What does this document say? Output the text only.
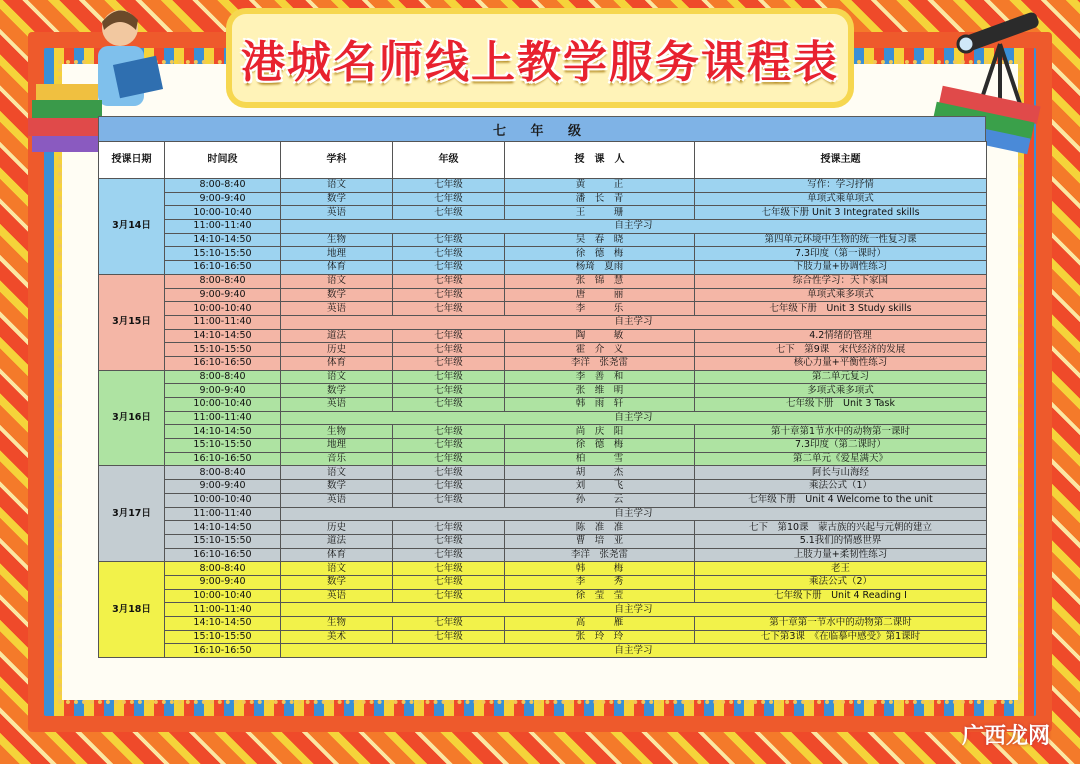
港城名师线上教学服务课程表
七 年 级
授课日期	时间段	学科	年级	授　课　人	授课主题
3月14日	8:00-8:40	语文	七年级	黄　　　正	写作：学习抒情
	9:00-9:40	数学	七年级	潘　长　青	单项式乘单项式
	10:00-10:40	英语	七年级	王　　　珊	七年级下册 Unit 3 Integrated skills
	11:00-11:40	自主学习			
	14:10-14:50	生物	七年级	吴　春　晓	第四单元环境中生物的统一性复习课
	15:10-15:50	地理	七年级	徐　德　梅	7.3印度（第一课时）
	16:10-16:50	体育	七年级	杨琦　夏雨	下肢力量+协调性练习
3月15日	8:00-8:40	语文	七年级	张　锦　慧	综合性学习：天下家国
	9:00-9:40	数学	七年级	唐　　　丽	单项式乘多项式
	10:00-10:40	英语	七年级	李　　　乐	七年级下册　Unit 3 Study skills
	11:00-11:40	自主学习			
	14:10-14:50	道法	七年级	陶　　　敏	4.2情绪的管理
	15:10-15:50	历史	七年级	霍　介　义	七下　第9课　宋代经济的发展
	16:10-16:50	体育	七年级	李洋　张尧雷	核心力量+平衡性练习
3月16日	8:00-8:40	语文	七年级	李　善　和	第二单元复习
	9:00-9:40	数学	七年级	张　维　明	多项式乘多项式
	10:00-10:40	英语	七年级	韩　雨　轩	七年级下册　Unit 3 Task
	11:00-11:40	自主学习			
	14:10-14:50	生物	七年级	尚　庆　阳	第十章第1节水中的动物第一课时
	15:10-15:50	地理	七年级	徐　德　梅	7.3印度（第二课时）
	16:10-16:50	音乐	七年级	柏　　　雪	第二单元《爱星满天》
3月17日	8:00-8:40	语文	七年级	胡　　　杰	阿长与山海经
	9:00-9:40	数学	七年级	刘　　　飞	乘法公式（1）
	10:00-10:40	英语	七年级	孙　　　云	七年级下册　Unit 4 Welcome to the unit
	11:00-11:40	自主学习			
	14:10-14:50	历史	七年级	陈　准　准	七下　第10课　蒙古族的兴起与元朝的建立
	15:10-15:50	道法	七年级	曹　培　亚	5.1我们的情感世界
	16:10-16:50	体育	七年级	李洋　张尧雷	上肢力量+柔韧性练习
3月18日	8:00-8:40	语文	七年级	韩　　　梅	老王
	9:00-9:40	数学	七年级	李　　　秀	乘法公式（2）
	10:00-10:40	英语	七年级	徐　莹　莹	七年级下册　Unit 4 Reading I
	11:00-11:40	自主学习			
	14:10-14:50	生物	七年级	高　　　雁	第十章第一节水中的动物第二课时
	15:10-15:50	美术	七年级	张　玲　玲	七下第3课　《在临摹中感受》第1课时
	16:10-16:50	自主学习			
广西龙网
